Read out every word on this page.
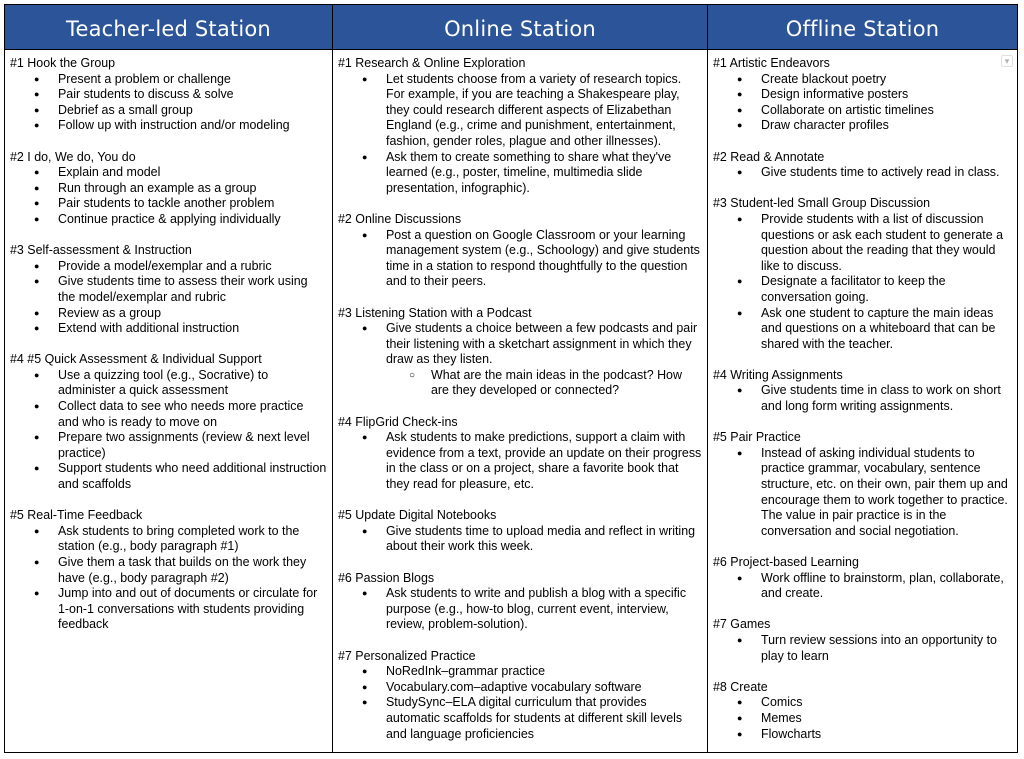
Teacher-led Station
#1 Hook the Group
● Present a problem or challenge
● Pair students to discuss & solve
● Debrief as a small group
● Follow up with instruction and/or modeling
#2 I do, We do, You do
● Explain and model
● Run through an example as a group
● Pair students to tackle another problem
● Continue practice & applying individually
#3 Self-assessment & Instruction
● Provide a model/exemplar and a rubric
● Give students time to assess their work using the model/exemplar and rubric
● Review as a group
● Extend with additional instruction
#4 #5 Quick Assessment & Individual Support
● Use a quizzing tool (e.g., Socrative) to administer a quick assessment
● Collect data to see who needs more practice and who is ready to move on
● Prepare two assignments (review & next level practice)
● Support students who need additional instruction and scaffolds
#5 Real-Time Feedback
● Ask students to bring completed work to the station (e.g., body paragraph #1)
● Give them a task that builds on the work they have (e.g., body paragraph #2)
● Jump into and out of documents or circulate for 1-on-1 conversations with students providing feedback
Online Station
#1 Research & Online Exploration
● Let students choose from a variety of research topics. For example, if you are teaching a Shakespeare play, they could research different aspects of Elizabethan England (e.g., crime and punishment, entertainment, fashion, gender roles, plague and other illnesses).
● Ask them to create something to share what they've learned (e.g., poster, timeline, multimedia slide presentation, infographic).
#2 Online Discussions
● Post a question on Google Classroom or your learning management system (e.g., Schoology) and give students time in a station to respond thoughtfully to the question and to their peers.
#3 Listening Station with a Podcast
● Give students a choice between a few podcasts and pair their listening with a sketchart assignment in which they draw as they listen.
○ What are the main ideas in the podcast? How are they developed or connected?
#4 FlipGrid Check-ins
● Ask students to make predictions, support a claim with evidence from a text, provide an update on their progress in the class or on a project, share a favorite book that they read for pleasure, etc.
#5 Update Digital Notebooks
● Give students time to upload media and reflect in writing about their work this week.
#6 Passion Blogs
● Ask students to write and publish a blog with a specific purpose (e.g., how-to blog, current event, interview, review, problem-solution).
#7 Personalized Practice
● NoRedInk–grammar practice
● Vocabulary.com–adaptive vocabulary software
● StudySync–ELA digital curriculum that provides automatic scaffolds for students at different skill levels and language proficiencies
Offline Station
#1 Artistic Endeavors
● Create blackout poetry
● Design informative posters
● Collaborate on artistic timelines
● Draw character profiles
#2 Read & Annotate
● Give students time to actively read in class.
#3 Student-led Small Group Discussion
● Provide students with a list of discussion questions or ask each student to generate a question about the reading that they would like to discuss.
● Designate a facilitator to keep the conversation going.
● Ask one student to capture the main ideas and questions on a whiteboard that can be shared with the teacher.
#4 Writing Assignments
● Give students time in class to work on short and long form writing assignments.
#5 Pair Practice
● Instead of asking individual students to practice grammar, vocabulary, sentence structure, etc. on their own, pair them up and encourage them to work together to practice. The value in pair practice is in the conversation and social negotiation.
#6 Project-based Learning
● Work offline to brainstorm, plan, collaborate, and create.
#7 Games
● Turn review sessions into an opportunity to play to learn
#8 Create
● Comics
● Memes
● Flowcharts
▾
